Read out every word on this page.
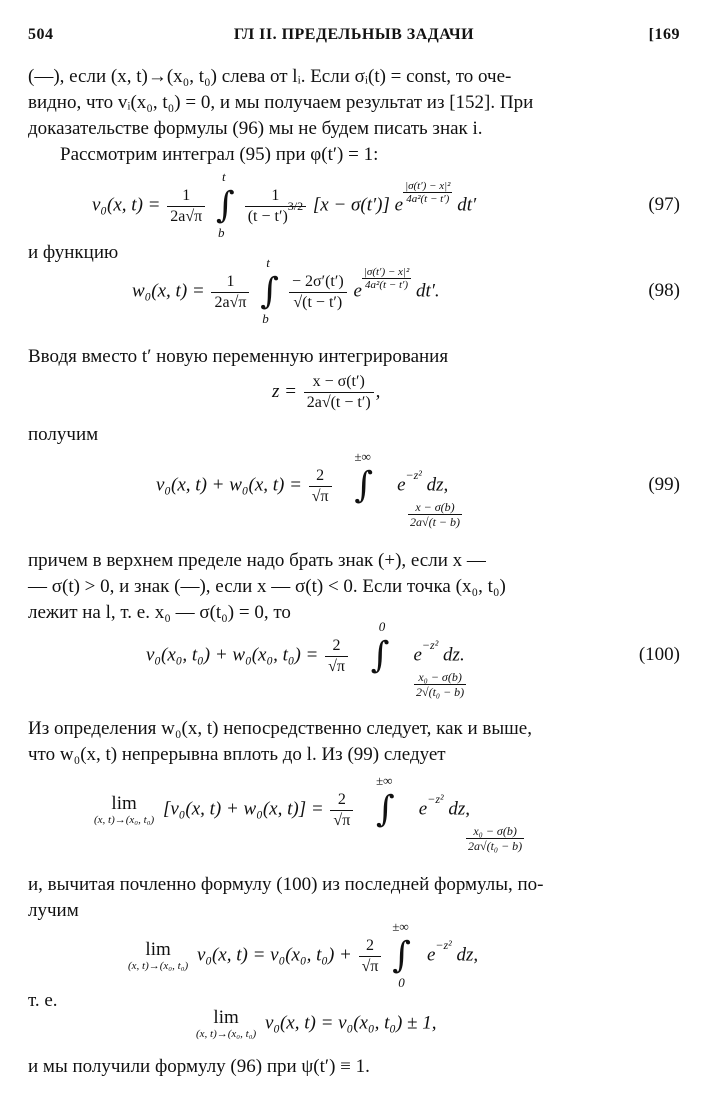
504	ГЛ II. ПРЕДЕЛЬНЫВ ЗАДАЧИ	[169
(—), если (x, t)→(x₀, t₀) слева от lᵢ. Если σᵢ(t) = const, то оче-
видно, что vᵢ(x₀, t₀) = 0, и мы получаем результат из [152]. При
доказательстве формулы (96) мы не будем писать знак i.
Рассмотрим интеграл (95) при φ(t′) = 1:
v₀(x, $t) = \frac{1}{2a√\pi}$

t
∫
b

$\frac{1}{(t - t')3/2} [x - \sigma(t')]$ e
$\frac{\text{|σ(t′) − x|²}}{\text{4a²(t − t′)}}$
dt′	(97)
и функцию
w₀(x, $t) = \frac{1}{2a√\pi}$

t
∫
b

$\frac{- 2\sigma'(t')}{√(t - t')}$ e
$\frac{\text{|σ(t′) − x|²}}{\text{4a²(t − t′)}}$
dt′.	(98)
Вводя вместо t′ новую переменную интегрирования
$z = \frac{x - \sigma(t')}{2a√(t - t')}$ ,
получим
v₀(x, t) + w₀(x, $t) = \frac{2}{√\pi}$

±∞
∫ e−z² dz,
$\frac{x - \sigma(b)}{2a√(t - b)}$
(99)
причем в верхнем пределе надо брать знак (+), если x —
— σ(t) > 0, и знак (—), если x — σ(t) < 0. Если точка (x₀, t₀)
лежит на l, т. е. x₀ — σ(t₀) = 0, то
v₀(x₀, t₀) + w₀(x₀, $t_0) = \frac{2}{√\pi}$

0
∫ e−z² dz.
$\frac{\text{x₀ − σ(b)}}{\text{2√(t₀ − b)}}$
(100)
Из определения w₀(x, t) непосредственно следует, как и выше,
что w₀(x, t) непрерывна вплоть до l. Из (99) следует
lim
(x, t)→(x₀, t₀)
[v₀(x, t) + w₀(x, $t)] = \frac{2}{√\pi}$

±∞
∫ e−z² dz,
$\frac{\text{x₀ − σ(b)}}{\text{2a√(t₀ − b)}}$
и, вычитая почленно формулу (100) из последней формулы, по-
лучим
lim
(x, t)→(x₀, t₀)
v₀(x, t) = v₀(x₀, $t_0) + \frac{2}{√\pi}$

±∞
∫
0
e−z² dz,
т. е.
lim
(x, t)→(x₀, t₀)
v₀(x, t) = v₀(x₀, t₀) ± 1,
и мы получили формулу (96) при ψ(t′) ≡ 1.
